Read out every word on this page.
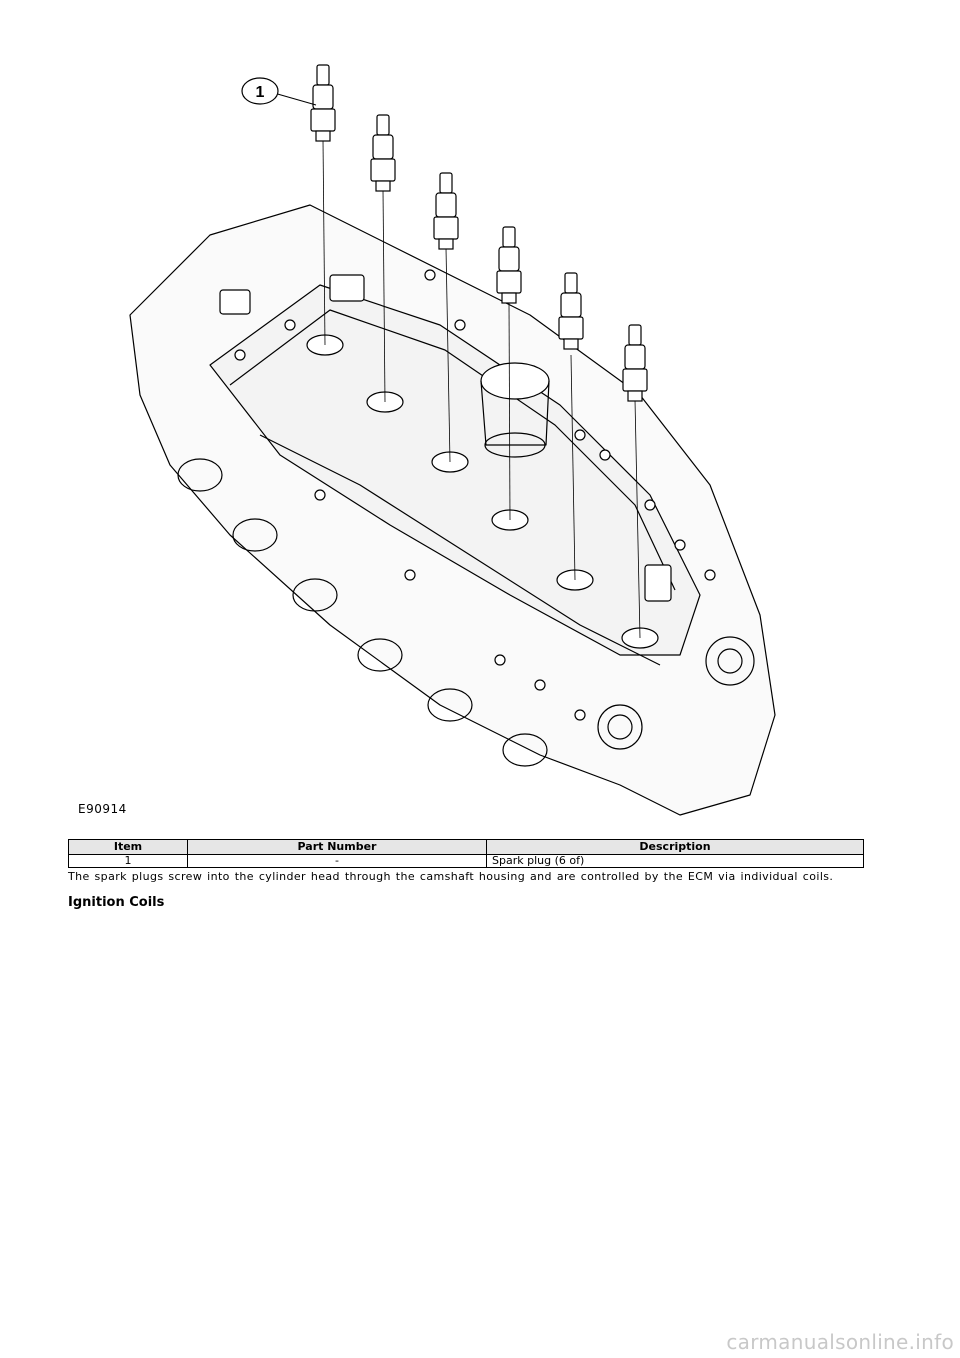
1
E90914
Item	Part Number	Description
1	-	Spark plug (6 of)

The spark plugs screw into the cylinder head through the camshaft housing and are controlled by the ECM via individual coils.

Ignition Coils
carmanualsonline.info
